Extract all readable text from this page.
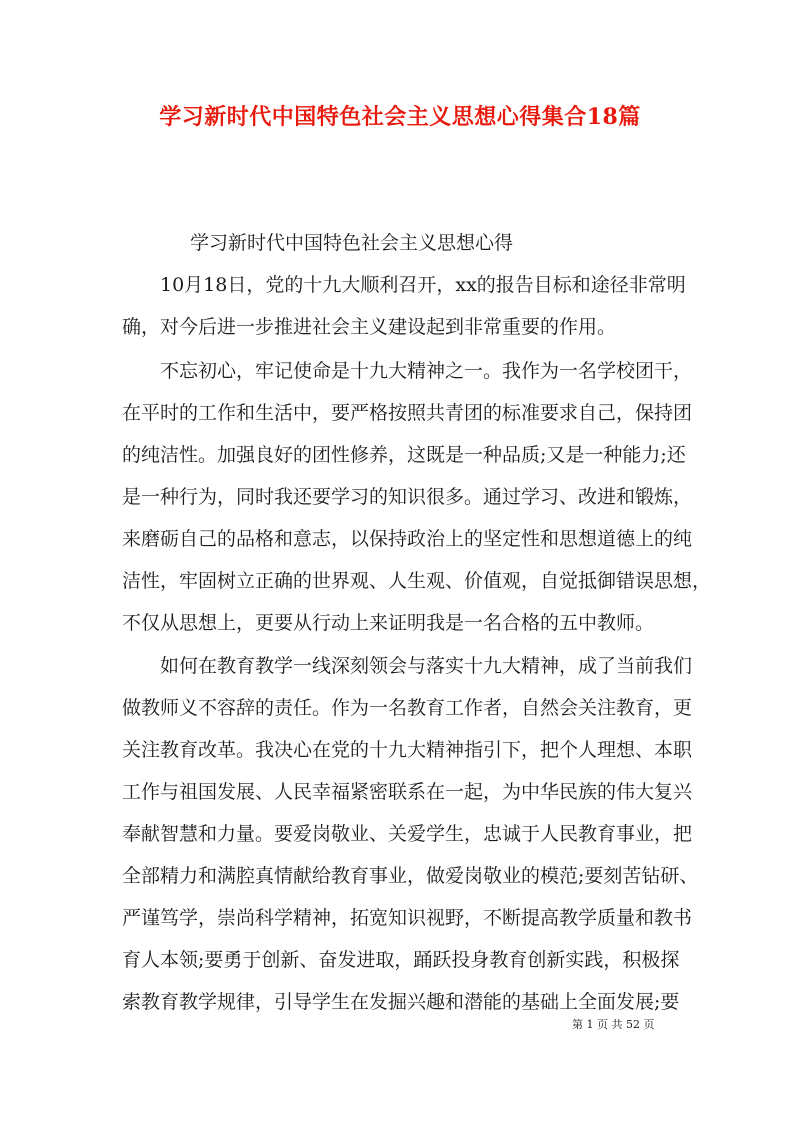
学习新时代中国特色社会主义思想心得集合18篇
学习新时代中国特色社会主义思想心得
10月18日，党的十九大顺利召开，xx的报告目标和途径非常明
确，对今后进一步推进社会主义建设起到非常重要的作用。
不忘初心，牢记使命是十九大精神之一。我作为一名学校团干，
在平时的工作和生活中，要严格按照共青团的标准要求自己，保持团
的纯洁性。加强良好的团性修养，这既是一种品质;又是一种能力;还
是一种行为，同时我还要学习的知识很多。通过学习、改进和锻炼，
来磨砺自己的品格和意志，以保持政治上的坚定性和思想道德上的纯
洁性，牢固树立正确的世界观、人生观、价值观，自觉抵御错误思想，
不仅从思想上，更要从行动上来证明我是一名合格的五中教师。
如何在教育教学一线深刻领会与落实十九大精神，成了当前我们
做教师义不容辞的责任。作为一名教育工作者，自然会关注教育，更
关注教育改革。我决心在党的十九大精神指引下，把个人理想、本职
工作与祖国发展、人民幸福紧密联系在一起，为中华民族的伟大复兴
奉献智慧和力量。要爱岗敬业、关爱学生，忠诚于人民教育事业，把
全部精力和满腔真情献给教育事业，做爱岗敬业的模范;要刻苦钻研、
严谨笃学，崇尚科学精神，拓宽知识视野，不断提高教学质量和教书
育人本领;要勇于创新、奋发进取，踊跃投身教育创新实践，积极探
索教育教学规律，引导学生在发掘兴趣和潜能的基础上全面发展;要
第 1 页 共 52 页
